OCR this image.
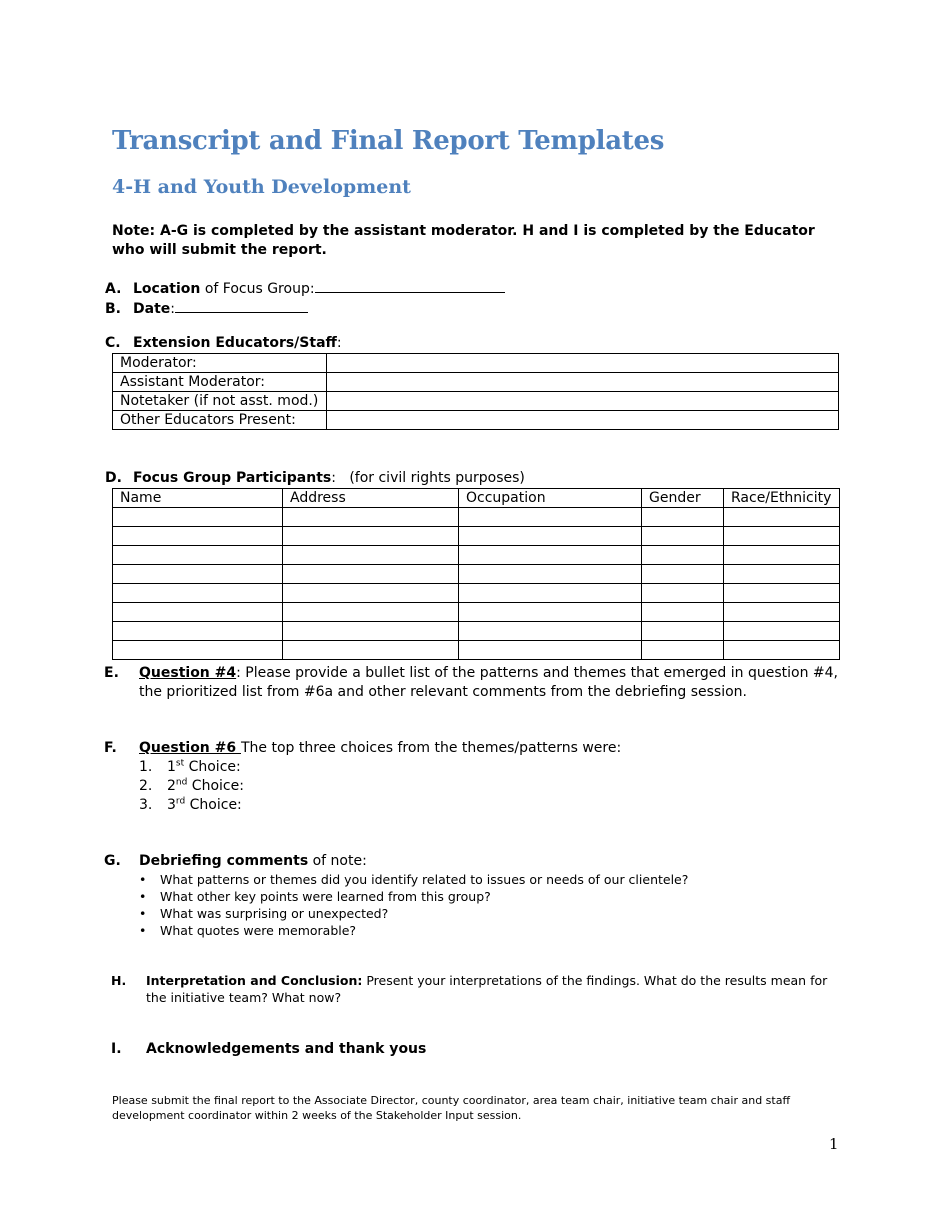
Transcript and Final Report Templates
4-H and Youth Development
Note: A-G is completed by the assistant moderator. H and I is completed by the Educator who will submit the report.
A. Location of Focus Group:
B. Date:
C. Extension Educators/Staff:
Moderator:	
Assistant Moderator:	
Notetaker (if not asst. mod.)	
Other Educators Present:	
D. Focus Group Participants:   (for civil rights purposes)
Name	Address	Occupation	Gender	Race/Ethnicity

E. Question #4: Please provide a bullet list of the patterns and themes that emerged in question #4,
the prioritized list from #6a and other relevant comments from the debriefing session.
F. Question #6 The top three choices from the themes/patterns were:
1. 1st Choice:
2. 2nd Choice:
3. 3rd Choice:
G. Debriefing comments of note:
• What patterns or themes did you identify related to issues or needs of our clientele?
• What other key points were learned from this group?
• What was surprising or unexpected?
• What quotes were memorable?
H. Interpretation and Conclusion: Present your interpretations of the findings. What do the results mean for
the initiative team? What now?
I. Acknowledgements and thank yous
Please submit the final report to the Associate Director, county coordinator, area team chair, initiative team chair and staff development coordinator within 2 weeks of the Stakeholder Input session.
1
